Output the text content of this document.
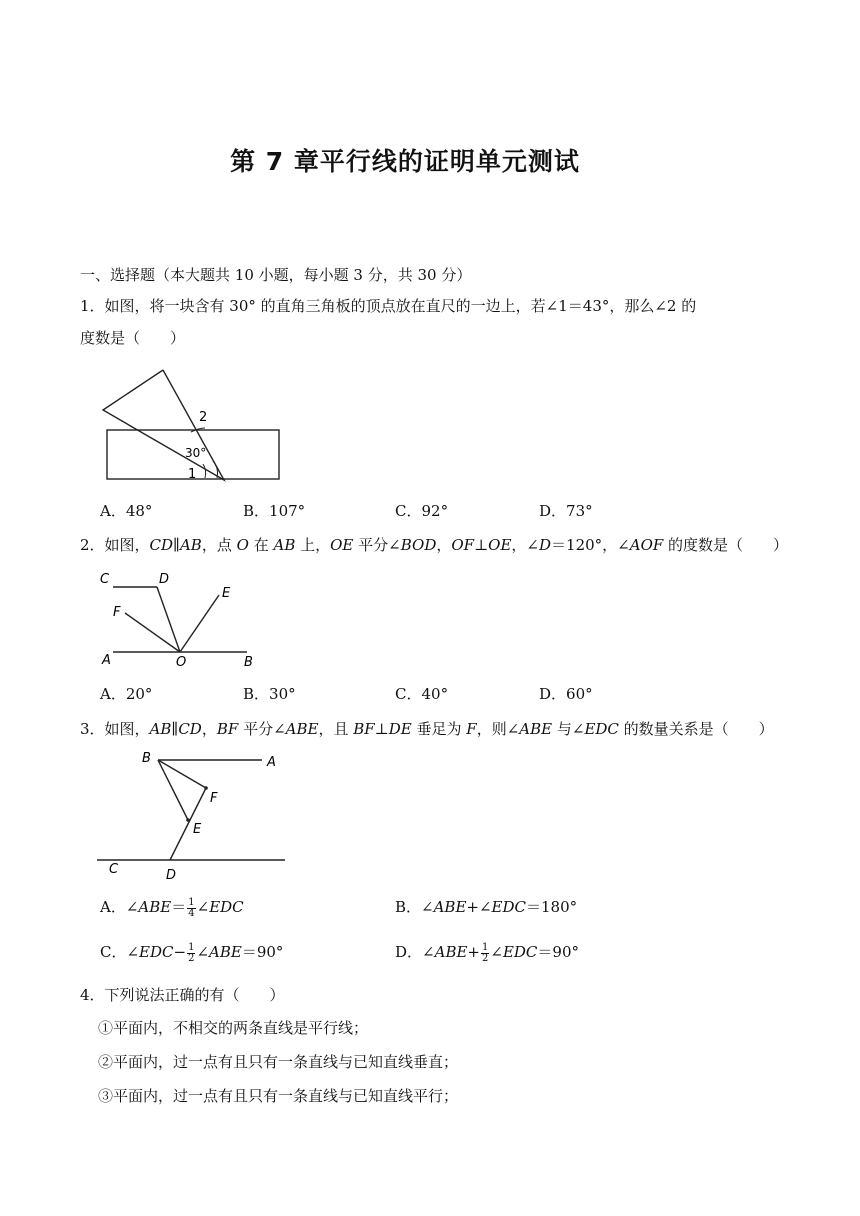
第 7 章平行线的证明单元测试
一、选择题（本大题共 10 小题，每小题 3 分，共 30 分）
1．如图，将一块含有 30° 的直角三角板的顶点放在直尺的一边上，若∠1＝43°，那么∠2 的
度数是（　　）
2
30°
1
A．48°	B．107°	C．92°	D．73°
2．如图，CD∥AB，点 O 在 AB 上，OE 平分∠BOD，OF⊥OE，∠D＝120°，∠AOF 的度数是（　　）
C	D
E
F
A	O	B
A．20°	B．30°	C．40°	D．60°
3．如图，AB∥CD，BF 平分∠ABE，且 BF⊥DE 垂足为 F，则∠ABE 与∠EDC 的数量关系是（　　）
B	A
F
E
C	D
A．∠ABE＝ $\frac{1}{4}$ ∠EDC	B．∠ABE+∠EDC＝180°
C．∠EDC− $\frac{1}{2}$ ∠ABE＝90°	D．∠ABE+ $\frac{1}{2}$ ∠EDC＝90°
4．下列说法正确的有（　　）
①平面内，不相交的两条直线是平行线；
②平面内，过一点有且只有一条直线与已知直线垂直；
③平面内，过一点有且只有一条直线与已知直线平行；
